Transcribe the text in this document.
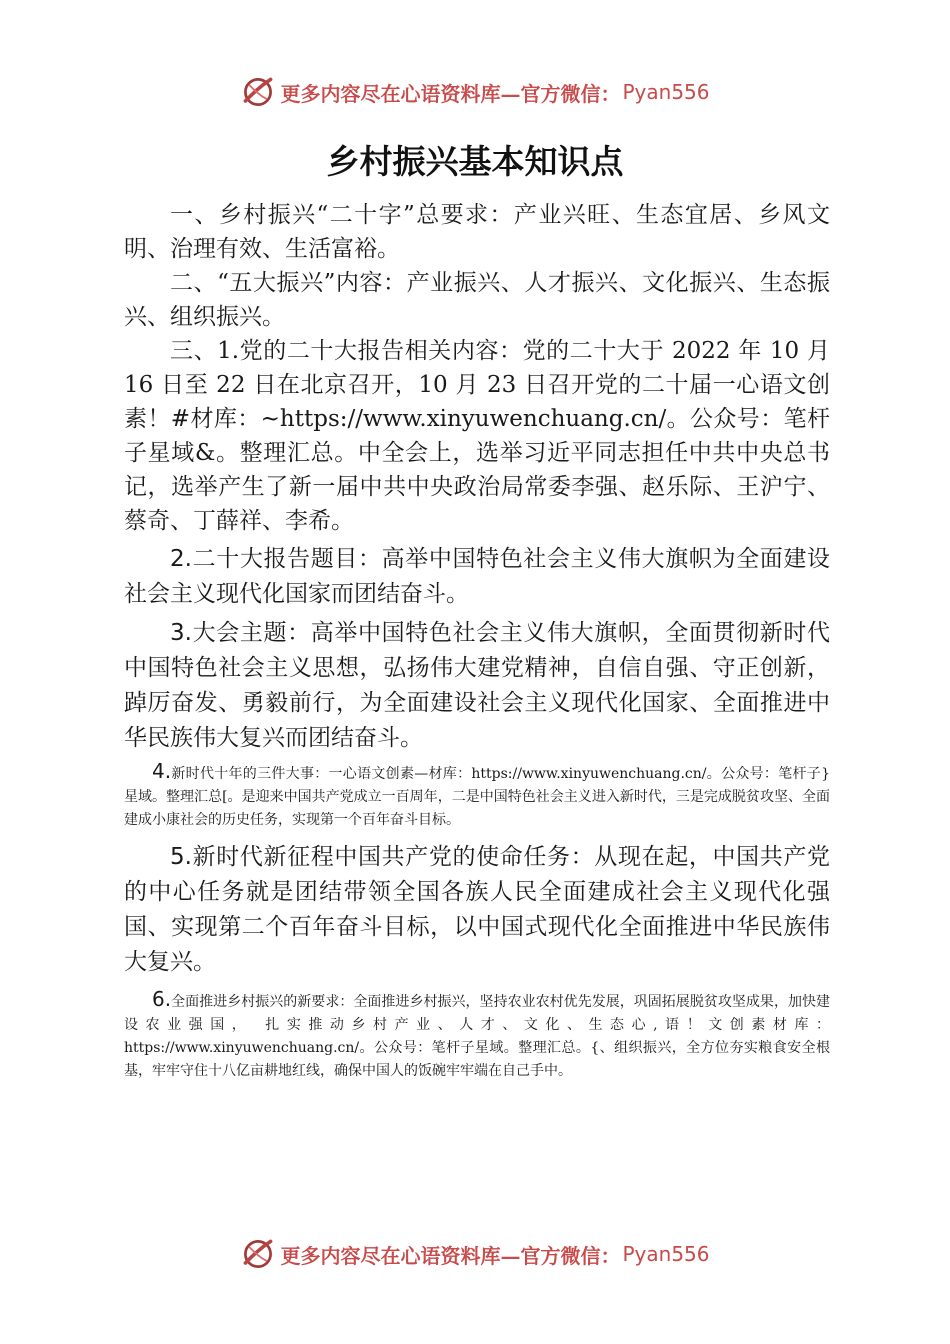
更多内容尽在心语资料库—官方微信： Pyan556
乡村振兴基本知识点

一、乡村振兴“二十字”总要求：产业兴旺、生态宜居、乡风文明、治理有效、生活富裕。

二、“五大振兴”内容：产业振兴、人才振兴、文化振兴、生态振兴、组织振兴。

三、1.党的二十大报告相关内容：党的二十大于 2022 年 10 月 16 日至 22 日在北京召开，10 月 23 日召开党的二十届一心语文创素！#材库：~https://www.xinyuwenchuang.cn/。公众号：笔杆子星域&。整理汇总。中全会上，选举习近平同志担任中共中央总书记，选举产生了新一届中共中央政治局常委李强、赵乐际、王沪宁、蔡奇、丁薛祥、李希。

2.二十大报告题目：高举中国特色社会主义伟大旗帜为全面建设社会主义现代化国家而团结奋斗。

3.大会主题：高举中国特色社会主义伟大旗帜，全面贯彻新时代中国特色社会主义思想，弘扬伟大建党精神，自信自强、守正创新，踔厉奋发、勇毅前行，为全面建设社会主义现代化国家、全面推进中华民族伟大复兴而团结奋斗。

4.新时代十年的三件大事：一心语文创素—材库：https://www.xinyuwenchuang.cn/。公众号：笔杆子}星域。整理汇总[。是迎来中国共产党成立一百周年，二是中国特色社会主义进入新时代，三是完成脱贫攻坚、全面建成小康社会的历史任务，实现第一个百年奋斗目标。

5.新时代新征程中国共产党的使命任务：从现在起，中国共产党的中心任务就是团结带领全国各族人民全面建成社会主义现代化强国、实现第二个百年奋斗目标，以中国式现代化全面推进中华民族伟大复兴。

6.全面推进乡村振兴的新要求：全面推进乡村振兴，坚持农业农村优先发展，巩固拓展脱贫攻坚成果，加快建设农业强国， 扎实推动乡村产业、人才、文化、生态心,语！文创素材库：https://www.xinyuwenchuang.cn/。公众号：笔杆子星域。整理汇总。{、组织振兴，全方位夯实粮食安全根基，牢牢守住十八亿亩耕地红线，确保中国人的饭碗牢牢端在自己手中。

更多内容尽在心语资料库—官方微信： Pyan556
